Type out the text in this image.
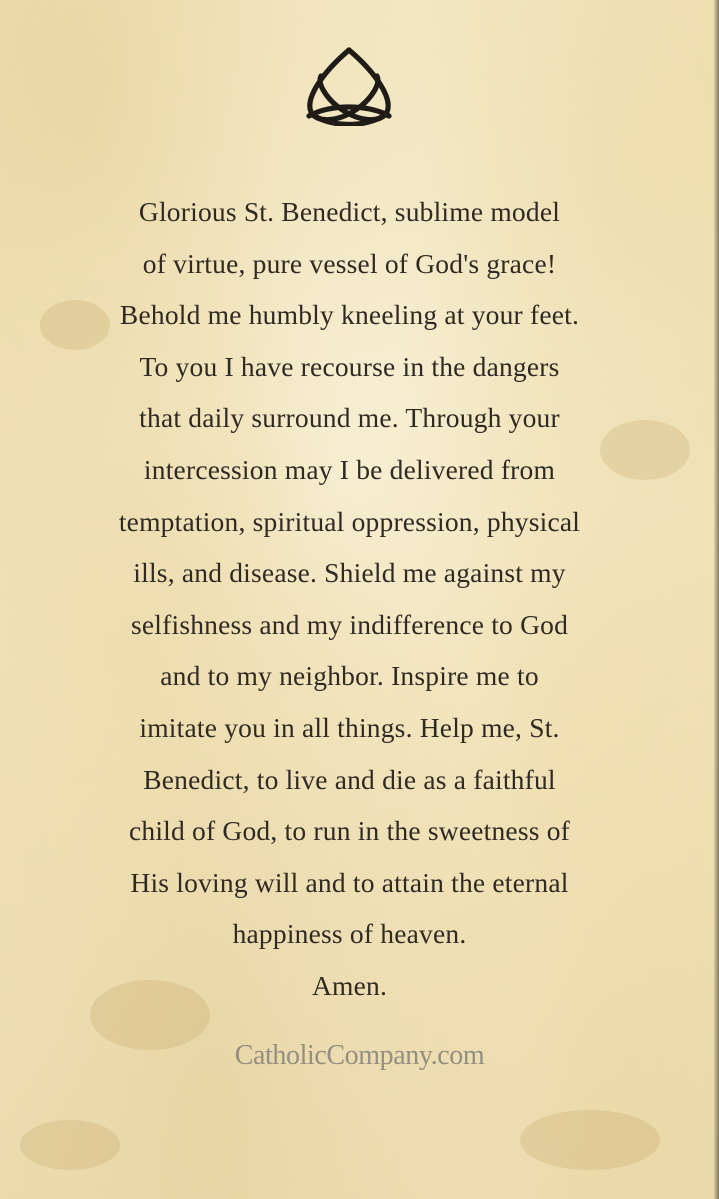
Glorious St. Benedict, sublime model
of virtue, pure vessel of God's grace!
Behold me humbly kneeling at your feet.
To you I have recourse in the dangers
that daily surround me. Through your
intercession may I be delivered from
temptation, spiritual oppression, physical
ills, and disease. Shield me against my
selfishness and my indifference to God
and to my neighbor. Inspire me to
imitate you in all things. Help me, St.
Benedict, to live and die as a faithful
child of God, to run in the sweetness of
His loving will and to attain the eternal
happiness of heaven.
Amen.

CatholicCompany.com
